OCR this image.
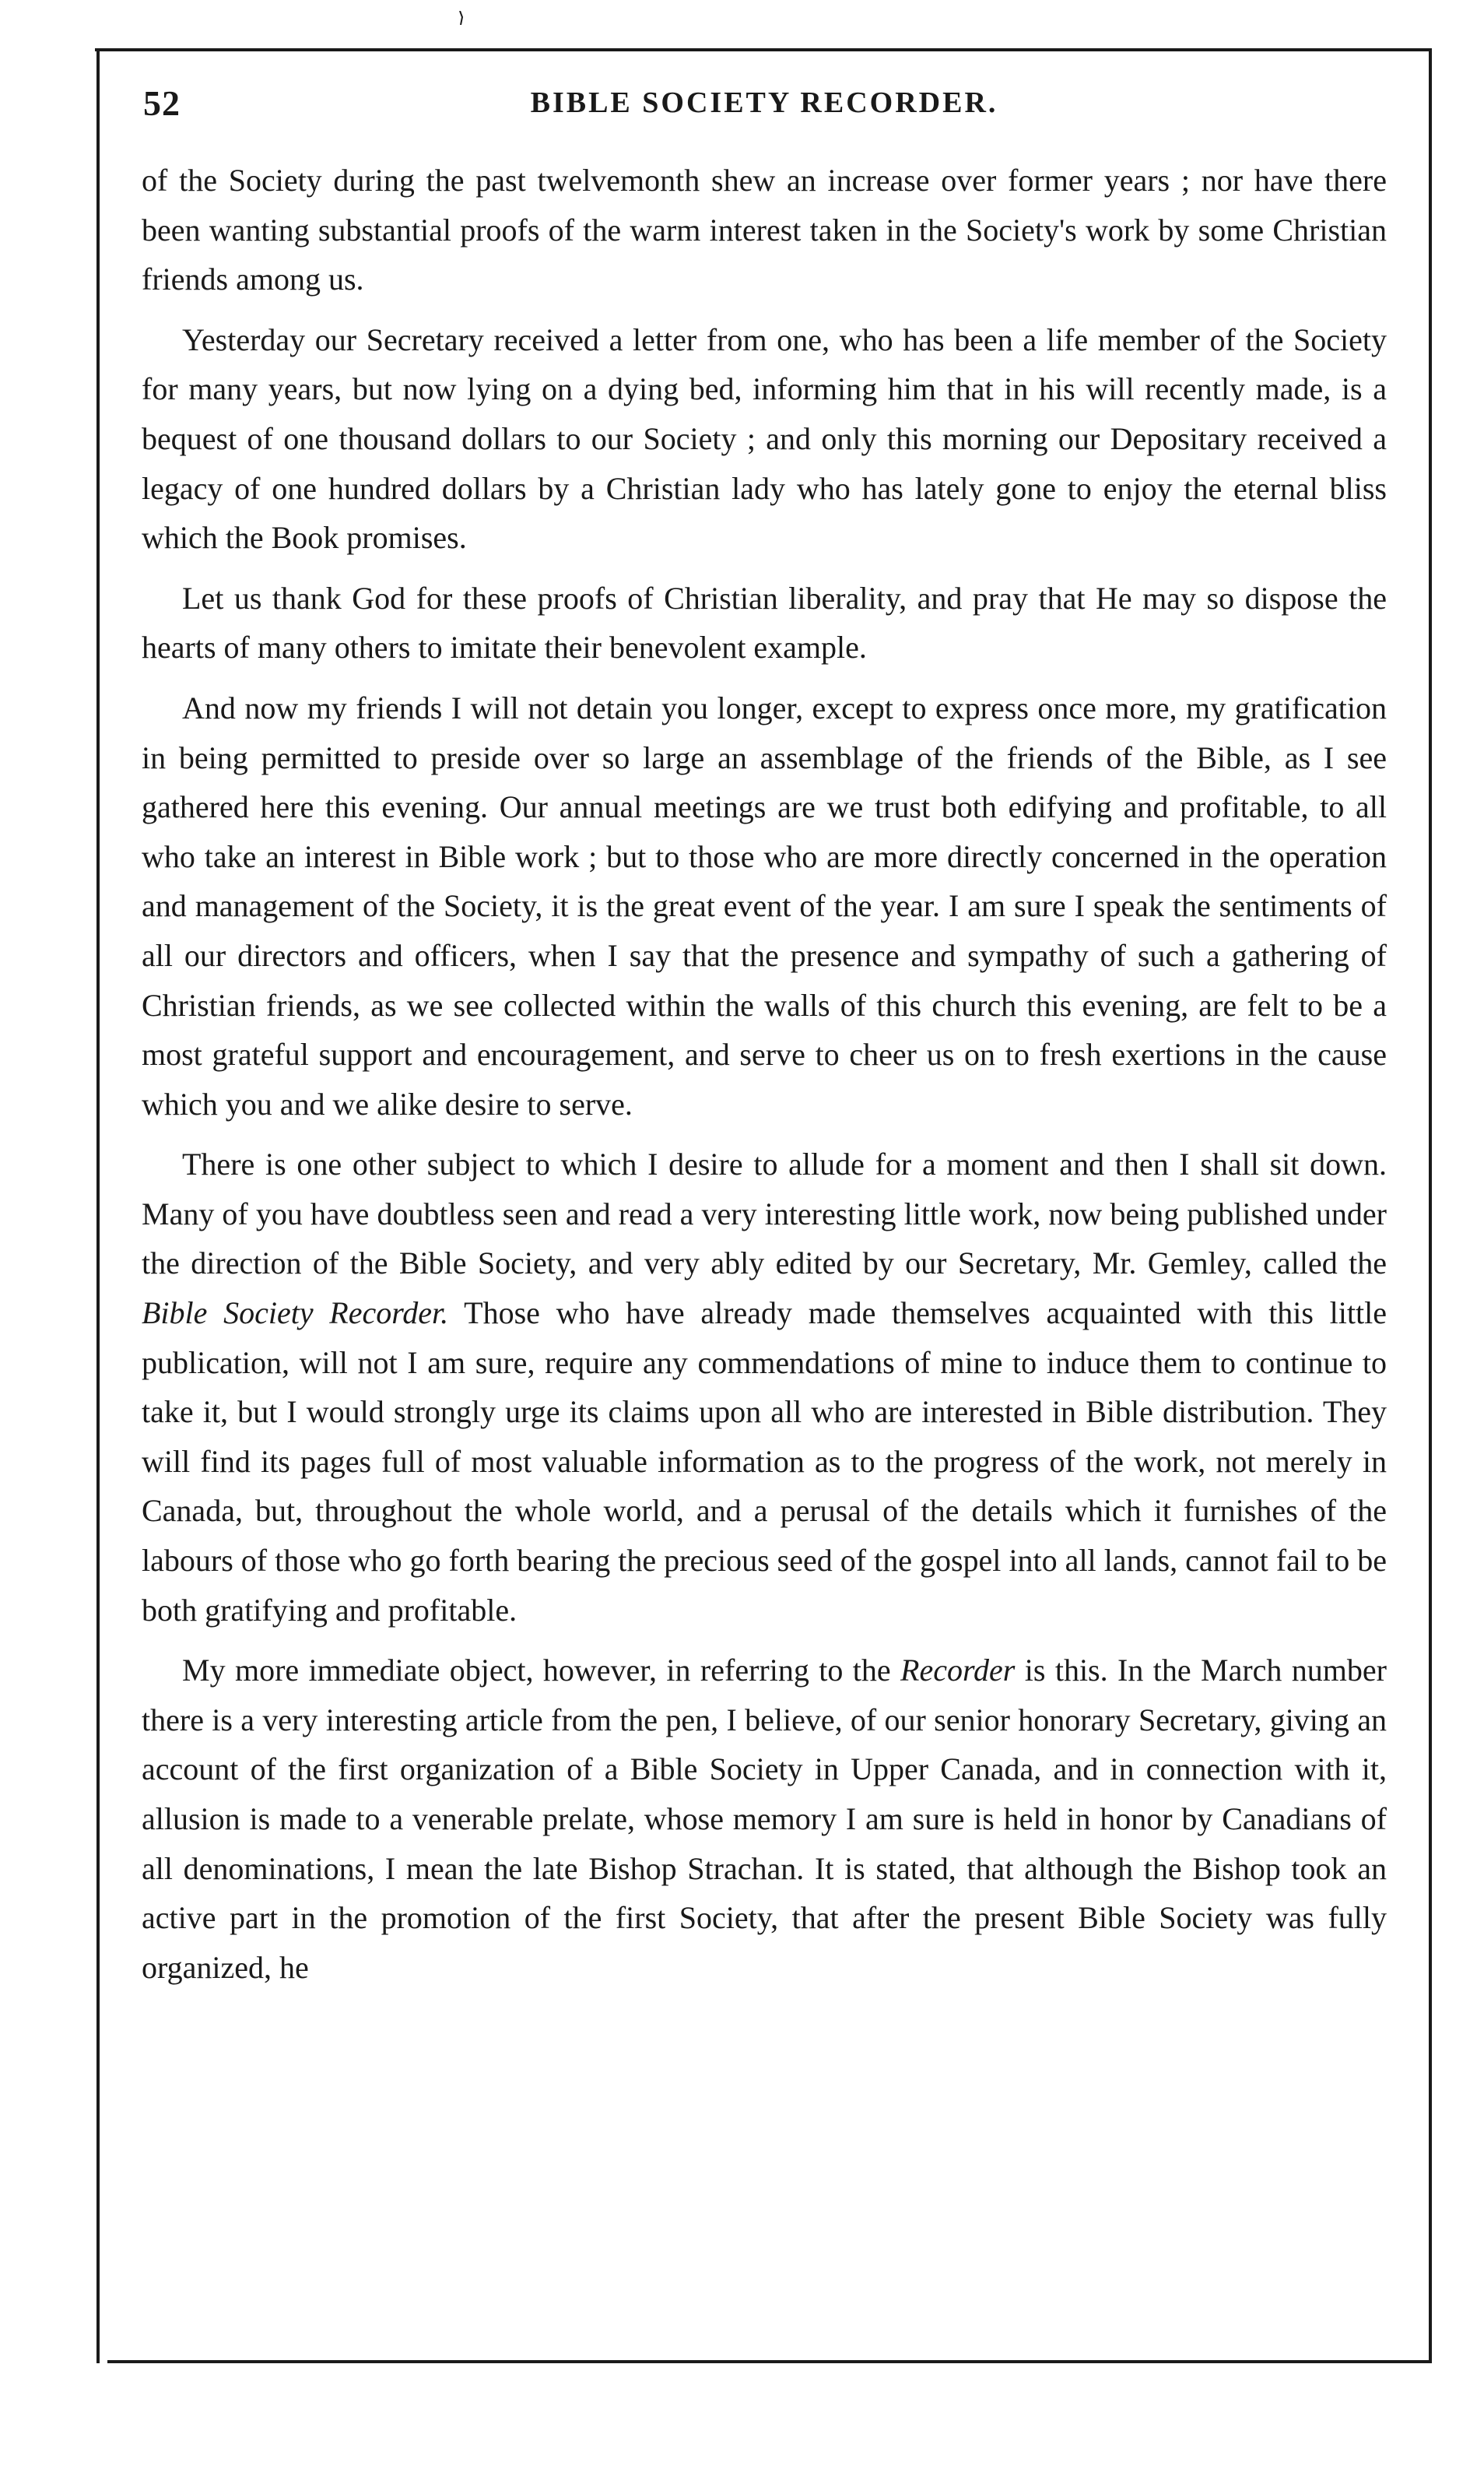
52	BIBLE SOCIETY RECORDER.

of the Society during the past twelvemonth shew an increase over former years ; nor have there been wanting substantial proofs of the warm interest taken in the Society's work by some Christian friends among us.

Yesterday our Secretary received a letter from one, who has been a life member of the Society for many years, but now lying on a dying bed, informing him that in his will recently made, is a bequest of one thousand dollars to our Society ; and only this morning our Depositary received a legacy of one hundred dollars by a Christian lady who has lately gone to enjoy the eternal bliss which the Book promises.

Let us thank God for these proofs of Christian liberality, and pray that He may so dispose the hearts of many others to imitate their benevolent example.

And now my friends I will not detain you longer, except to express once more, my gratification in being permitted to preside over so large an assemblage of the friends of the Bible, as I see gathered here this evening. Our annual meetings are we trust both edifying and profitable, to all who take an interest in Bible work ; but to those who are more directly concerned in the operation and management of the Society, it is the great event of the year. I am sure I speak the sentiments of all our directors and officers, when I say that the presence and sympathy of such a gathering of Christian friends, as we see collected within the walls of this church this evening, are felt to be a most grateful support and encouragement, and serve to cheer us on to fresh exertions in the cause which you and we alike desire to serve.

There is one other subject to which I desire to allude for a moment and then I shall sit down. Many of you have doubtless seen and read a very interesting little work, now being published under the direction of the Bible Society, and very ably edited by our Secretary, Mr. Gemley, called the Bible Society Recorder. Those who have already made themselves acquainted with this little publication, will not I am sure, require any commendations of mine to induce them to continue to take it, but I would strongly urge its claims upon all who are interested in Bible distribution. They will find its pages full of most valuable information as to the progress of the work, not merely in Canada, but, throughout the whole world, and a perusal of the details which it furnishes of the labours of those who go forth bearing the precious seed of the gospel into all lands, cannot fail to be both gratifying and profitable.

My more immediate object, however, in referring to the Recorder is this. In the March number there is a very interesting article from the pen, I believe, of our senior honorary Secretary, giving an account of the first organization of a Bible Society in Upper Canada, and in connection with it, allusion is made to a venerable prelate, whose memory I am sure is held in honor by Canadians of all denominations, I mean the late Bishop Strachan. It is stated, that although the Bishop took an active part in the promotion of the first Society, that after the present Bible Society was fully organized, he
